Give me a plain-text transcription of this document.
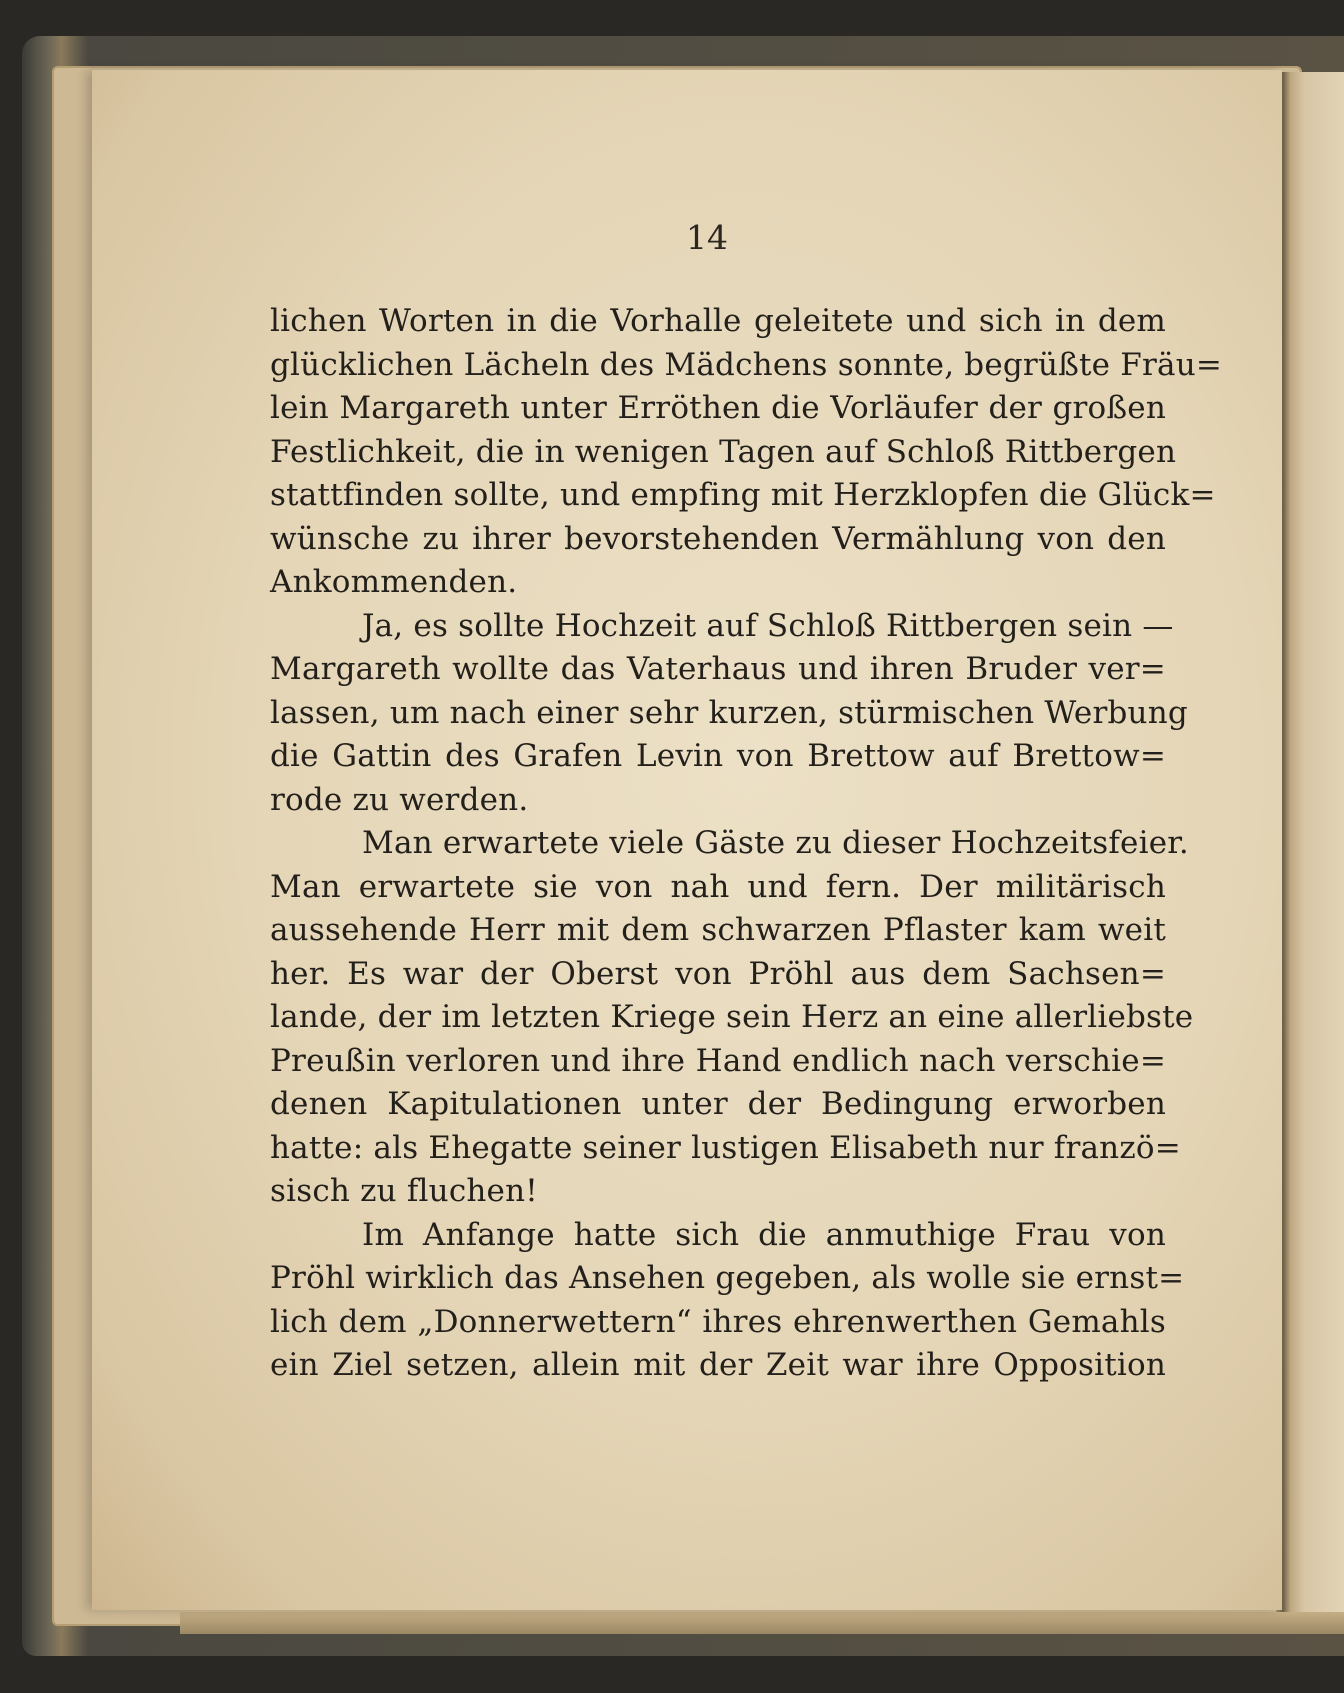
14
lichen Worten in die Vorhalle geleitete und sich in dem
glücklichen Lächeln des Mädchens sonnte, begrüßte Fräu=
lein Margareth unter Erröthen die Vorläufer der großen
Festlichkeit, die in wenigen Tagen auf Schloß Rittbergen
stattfinden sollte, und empfing mit Herzklopfen die Glück=
wünsche zu ihrer bevorstehenden Vermählung von den
Ankommenden.
Ja, es sollte Hochzeit auf Schloß Rittbergen sein —
Margareth wollte das Vaterhaus und ihren Bruder ver=
lassen, um nach einer sehr kurzen, stürmischen Werbung
die Gattin des Grafen Levin von Brettow auf Brettow=
rode zu werden.
Man erwartete viele Gäste zu dieser Hochzeitsfeier.
Man erwartete sie von nah und fern. Der militärisch
aussehende Herr mit dem schwarzen Pflaster kam weit
her. Es war der Oberst von Pröhl aus dem Sachsen=
lande, der im letzten Kriege sein Herz an eine allerliebste
Preußin verloren und ihre Hand endlich nach verschie=
denen Kapitulationen unter der Bedingung erworben
hatte: als Ehegatte seiner lustigen Elisabeth nur franzö=
sisch zu fluchen!
Im Anfange hatte sich die anmuthige Frau von
Pröhl wirklich das Ansehen gegeben, als wolle sie ernst=
lich dem „Donnerwettern“ ihres ehrenwerthen Gemahls
ein Ziel setzen, allein mit der Zeit war ihre Opposition
